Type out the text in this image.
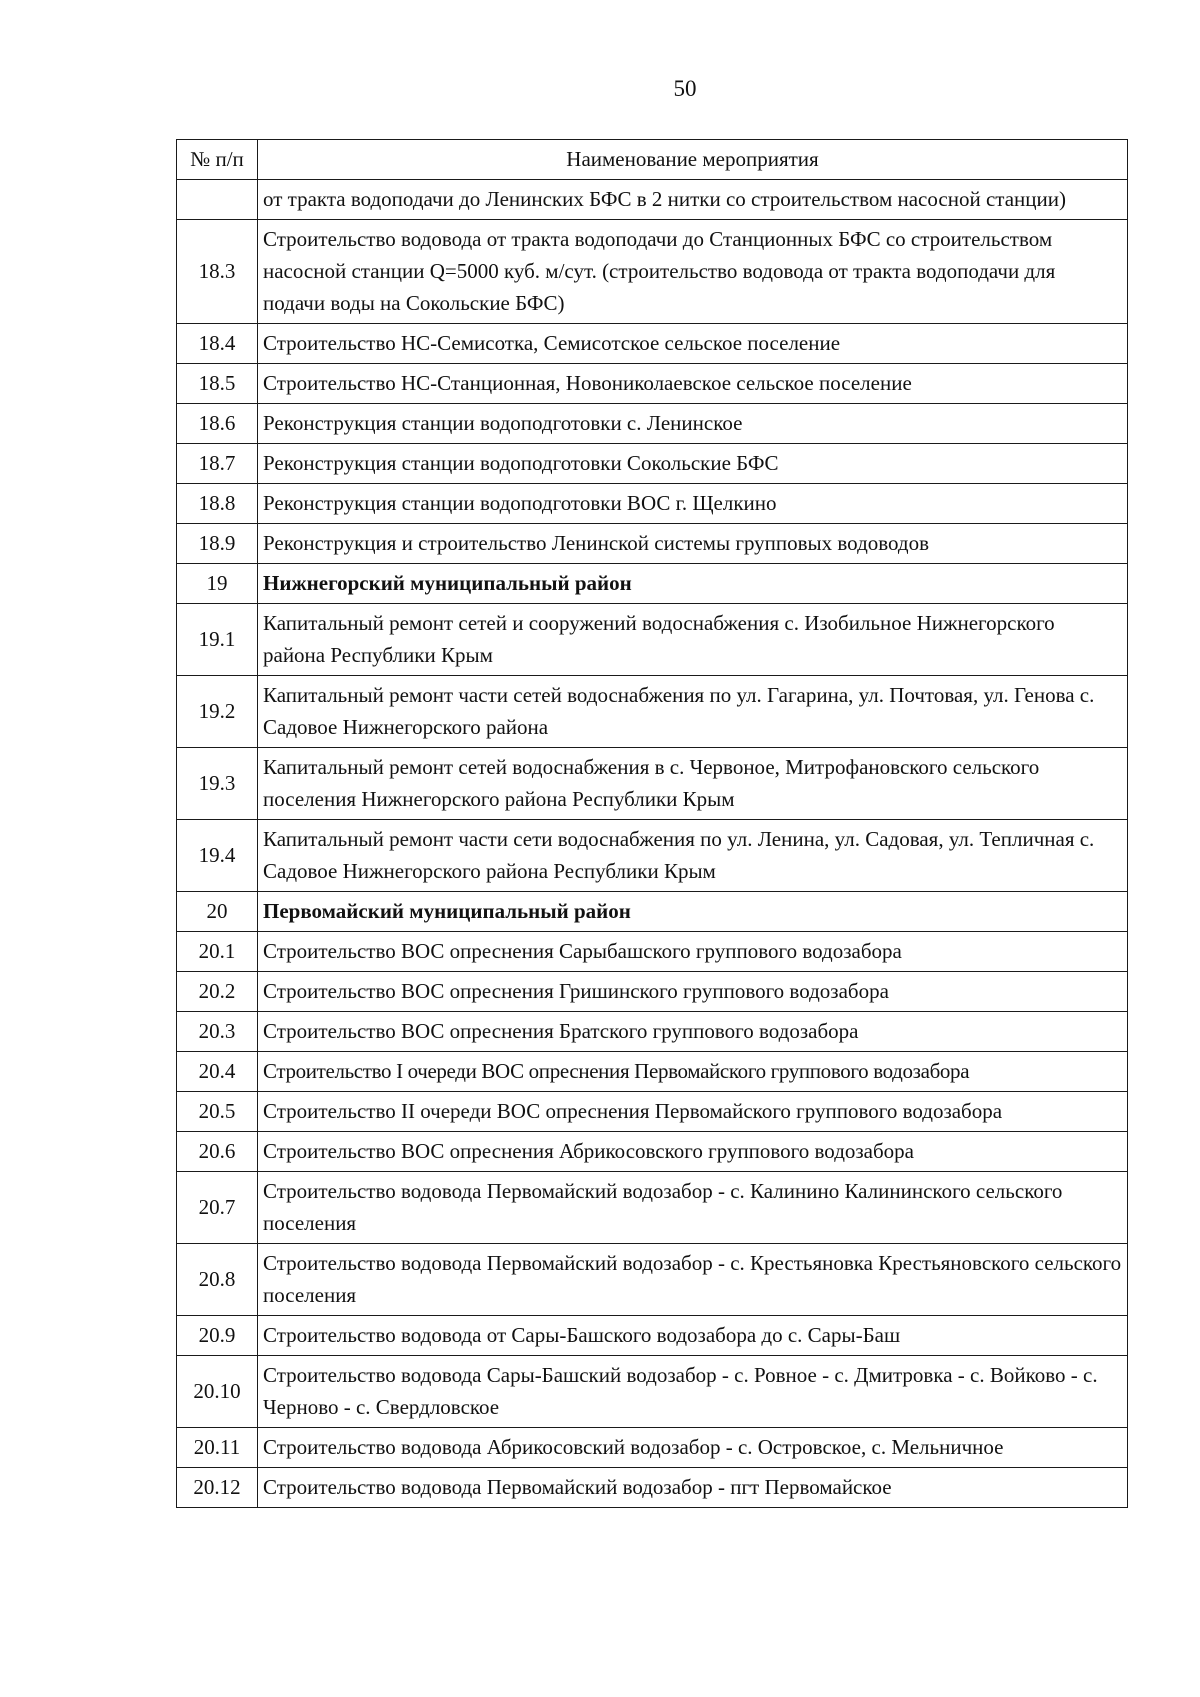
50
№ п/п	Наименование мероприятия
	от тракта водоподачи до Ленинских БФС в 2 нитки со строительством насосной станции)
18.3	Строительство водовода от тракта водоподачи до Станционных БФС со строительством насосной станции Q=5000 куб. м/сут. (строительство водовода от тракта водоподачи для подачи воды на Сокольские БФС)
18.4	Строительство НС-Семисотка, Семисотское сельское поселение
18.5	Строительство НС-Станционная, Новониколаевское сельское поселение
18.6	Реконструкция станции водоподготовки с. Ленинское
18.7	Реконструкция станции водоподготовки Сокольские БФС
18.8	Реконструкция станции водоподготовки ВОС г. Щелкино
18.9	Реконструкция и строительство Ленинской системы групповых водоводов
19	Нижнегорский муниципальный район
19.1	Капитальный ремонт сетей и сооружений водоснабжения с. Изобильное Нижнегорского района Республики Крым
19.2	Капитальный ремонт части сетей водоснабжения по ул. Гагарина, ул. Почтовая, ул. Генова с. Садовое Нижнегорского района
19.3	Капитальный ремонт сетей водоснабжения в с. Червоное, Митрофановского сельского поселения Нижнегорского района Республики Крым
19.4	Капитальный ремонт части сети водоснабжения по ул. Ленина, ул. Садовая, ул. Тепличная с. Садовое Нижнегорского района Республики Крым
20	Первомайский муниципальный район
20.1	Строительство ВОС опреснения Сарыбашского группового водозабора
20.2	Строительство ВОС опреснения Гришинского группового водозабора
20.3	Строительство ВОС опреснения Братского группового водозабора
20.4	Строительство I очереди ВОС опреснения Первомайского группового водозабора
20.5	Строительство II очереди ВОС опреснения Первомайского группового водозабора
20.6	Строительство ВОС опреснения Абрикосовского группового водозабора
20.7	Строительство водовода Первомайский водозабор - с. Калинино Калининского сельского поселения
20.8	Строительство водовода Первомайский водозабор - с. Крестьяновка Крестьяновского сельского поселения
20.9	Строительство водовода от Сары-Башского водозабора до с. Сары-Баш
20.10	Строительство водовода Сары-Башский водозабор - с. Ровное - с. Дмитровка - с. Войково - с. Черново - с. Свердловское
20.11	Строительство водовода Абрикосовский водозабор - с. Островское, с. Мельничное
20.12	Строительство водовода Первомайский водозабор - пгт Первомайское
